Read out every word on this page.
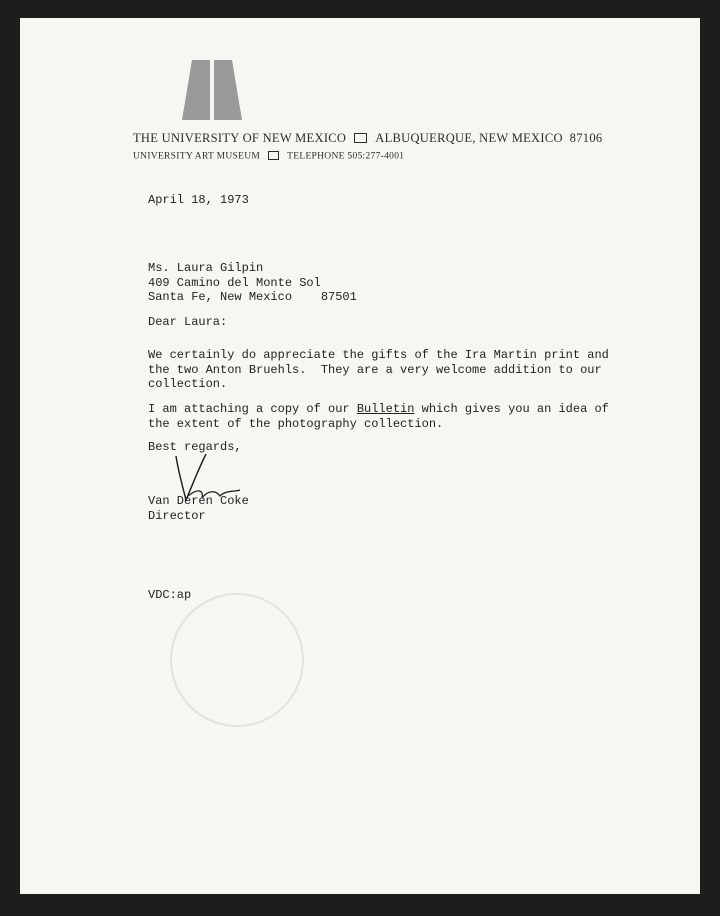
THE UNIVERSITY OF NEW MEXICO ALBUQUERQUE, NEW MEXICO 87106
UNIVERSITY ART MUSEUM	TELEPHONE 505:277-4001
April 18, 1973
Ms. Laura Gilpin
409 Camino del Monte Sol
Santa Fe, New Mexico    87501
Dear Laura:
We certainly do appreciate the gifts of the Ira Martin print and
the two Anton Bruehls.  They are a very welcome addition to our
collection.
I am attaching a copy of our Bulletin which gives you an idea of
the extent of the photography collection.
Best regards,
Van Deren Coke
Director
VDC:ap
